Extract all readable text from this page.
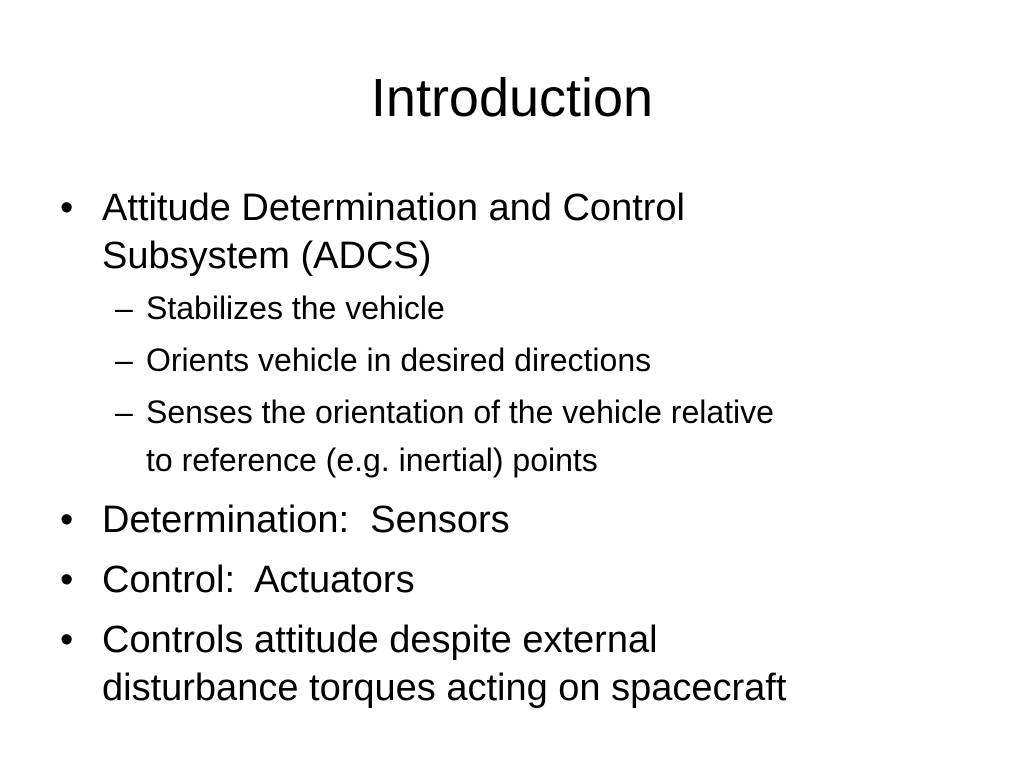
Introduction
• Attitude Determination and Control
Subsystem (ADCS)
– Stabilizes the vehicle
– Orients vehicle in desired directions
– Senses the orientation of the vehicle relative
to reference (e.g. inertial) points
• Determination:  Sensors
• Control:  Actuators
• Controls attitude despite external
disturbance torques acting on spacecraft
